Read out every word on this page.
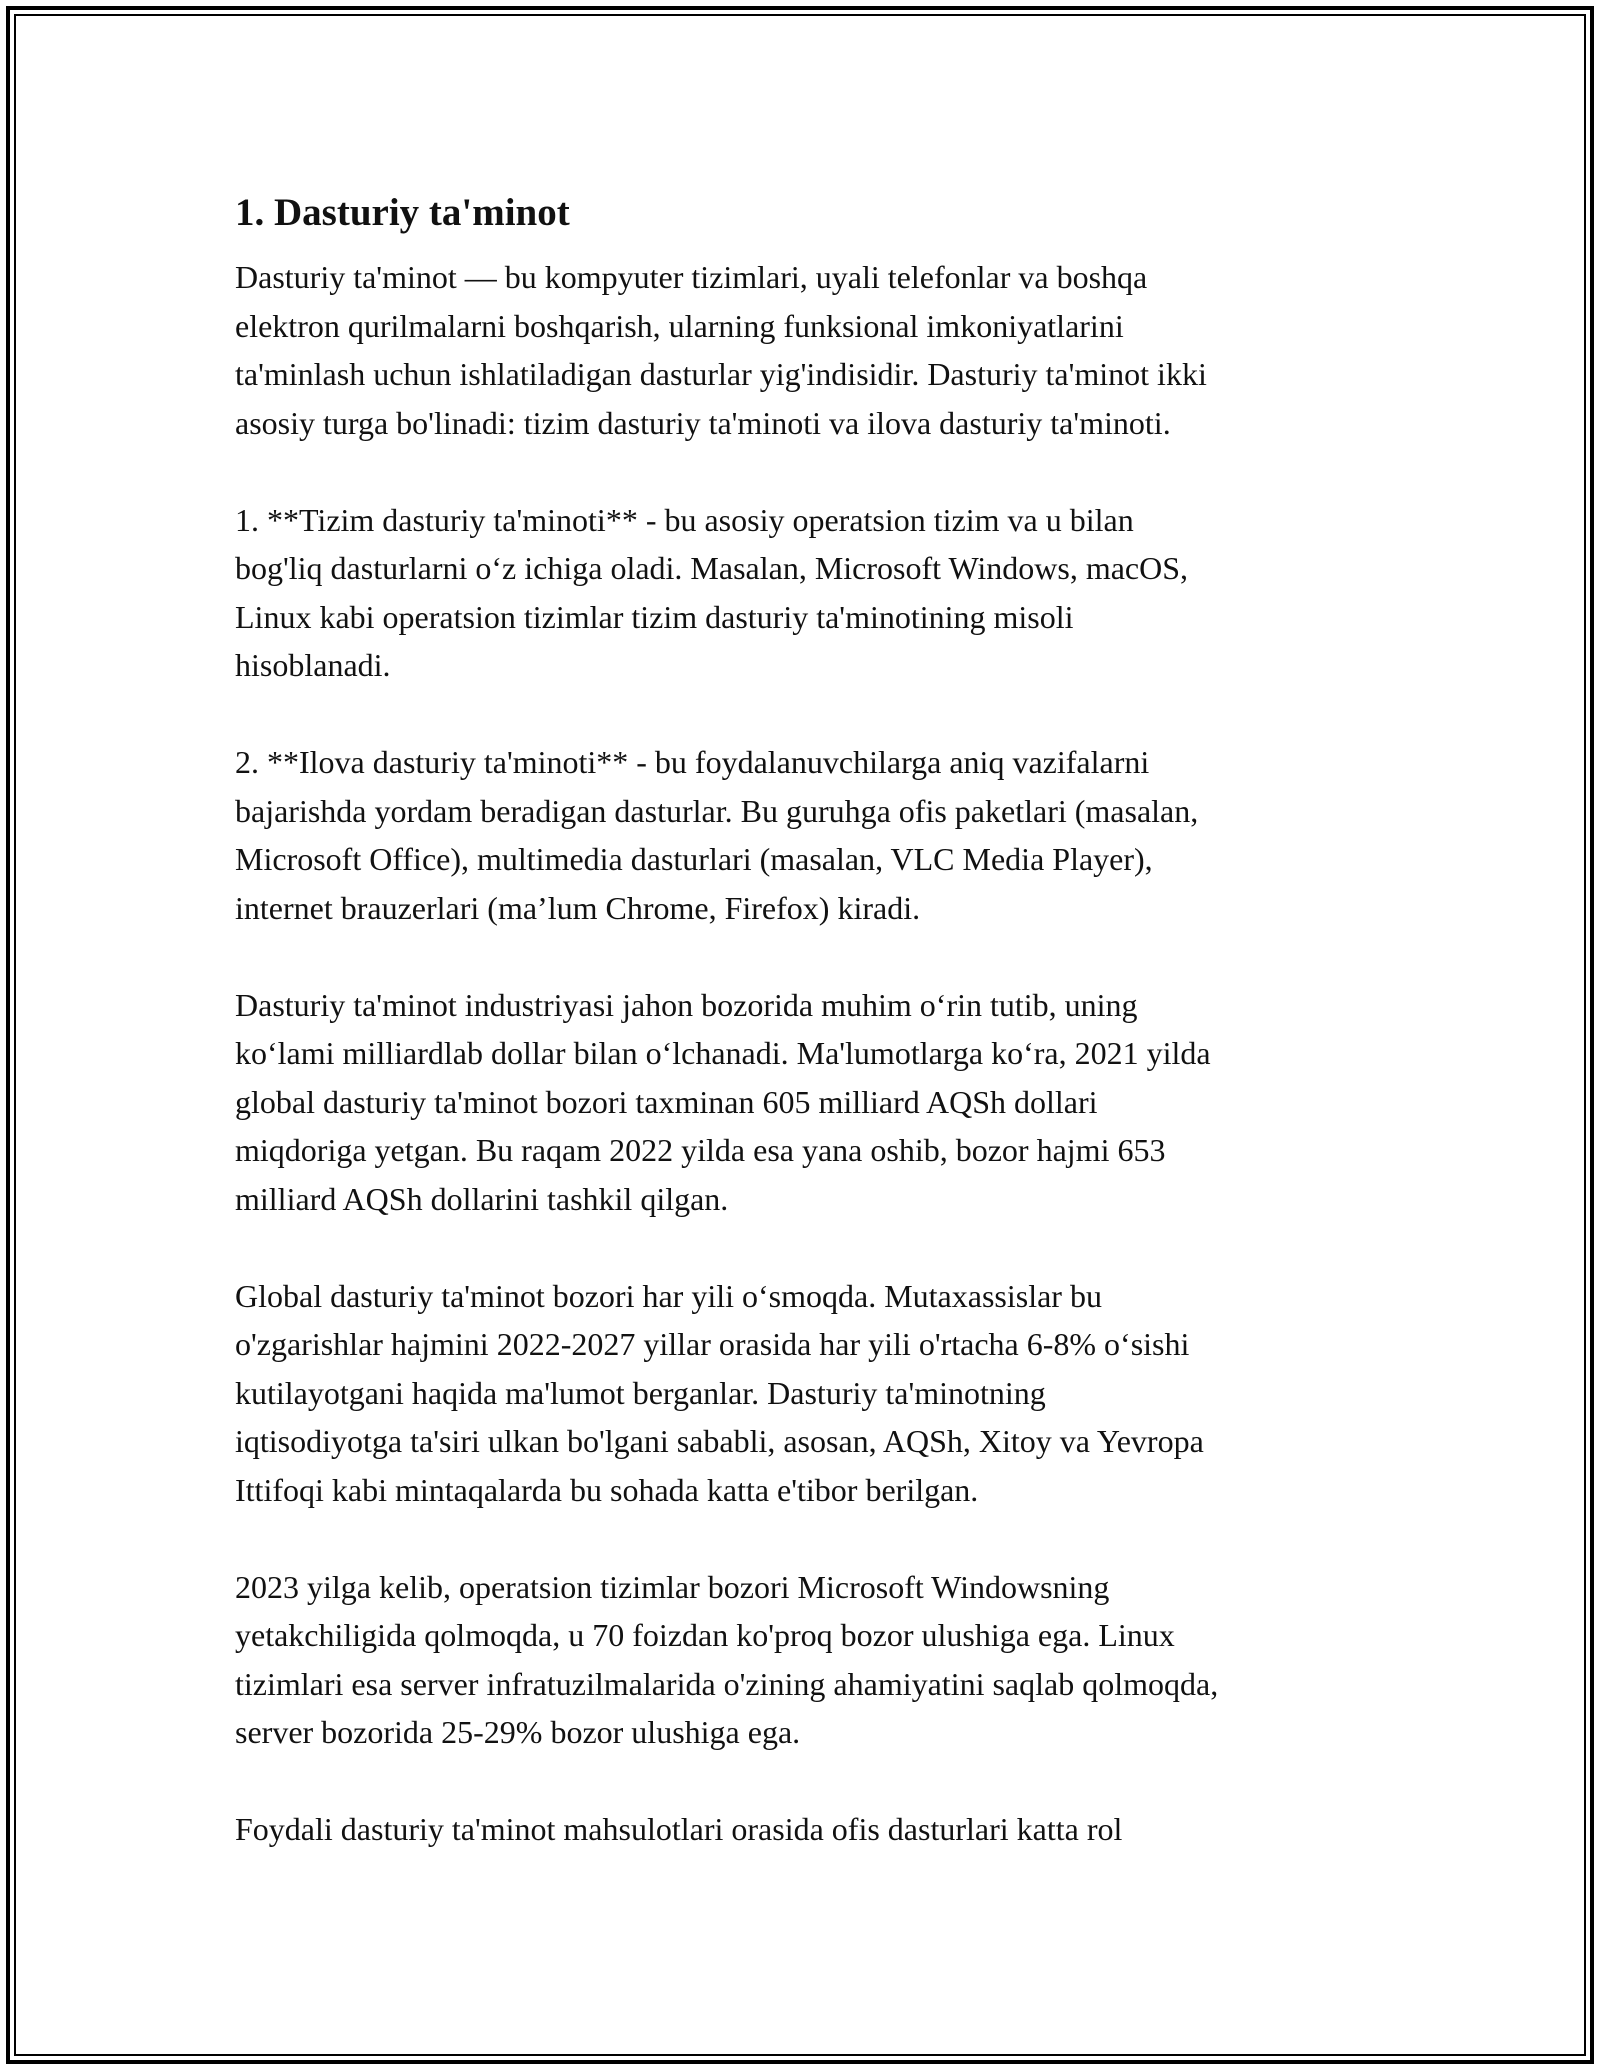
1. Dasturiy ta'minot

Dasturiy ta'minot — bu kompyuter tizimlari, uyali telefonlar va boshqa
elektron qurilmalarni boshqarish, ularning funksional imkoniyatlarini
ta'minlash uchun ishlatiladigan dasturlar yig'indisidir. Dasturiy ta'minot ikki
asosiy turga bo'linadi: tizim dasturiy ta'minoti va ilova dasturiy ta'minoti.

1. **Tizim dasturiy ta'minoti** - bu asosiy operatsion tizim va u bilan
bog'liq dasturlarni o‘z ichiga oladi. Masalan, Microsoft Windows, macOS,
Linux kabi operatsion tizimlar tizim dasturiy ta'minotining misoli
hisoblanadi.

2. **Ilova dasturiy ta'minoti** - bu foydalanuvchilarga aniq vazifalarni
bajarishda yordam beradigan dasturlar. Bu guruhga ofis paketlari (masalan,
Microsoft Office), multimedia dasturlari (masalan, VLC Media Player),
internet brauzerlari (ma’lum Chrome, Firefox) kiradi.

Dasturiy ta'minot industriyasi jahon bozorida muhim o‘rin tutib, uning
ko‘lami milliardlab dollar bilan o‘lchanadi. Ma'lumotlarga ko‘ra, 2021 yilda
global dasturiy ta'minot bozori taxminan 605 milliard AQSh dollari
miqdoriga yetgan. Bu raqam 2022 yilda esa yana oshib, bozor hajmi 653
milliard AQSh dollarini tashkil qilgan.

Global dasturiy ta'minot bozori har yili o‘smoqda. Mutaxassislar bu
o'zgarishlar hajmini 2022-2027 yillar orasida har yili o'rtacha 6-8% o‘sishi
kutilayotgani haqida ma'lumot berganlar. Dasturiy ta'minotning
iqtisodiyotga ta'siri ulkan bo'lgani sababli, asosan, AQSh, Xitoy va Yevropa
Ittifoqi kabi mintaqalarda bu sohada katta e'tibor berilgan.

2023 yilga kelib, operatsion tizimlar bozori Microsoft Windowsning
yetakchiligida qolmoqda, u 70 foizdan ko'proq bozor ulushiga ega. Linux
tizimlari esa server infratuzilmalarida o'zining ahamiyatini saqlab qolmoqda,
server bozorida 25-29% bozor ulushiga ega.

Foydali dasturiy ta'minot mahsulotlari orasida ofis dasturlari katta rol
